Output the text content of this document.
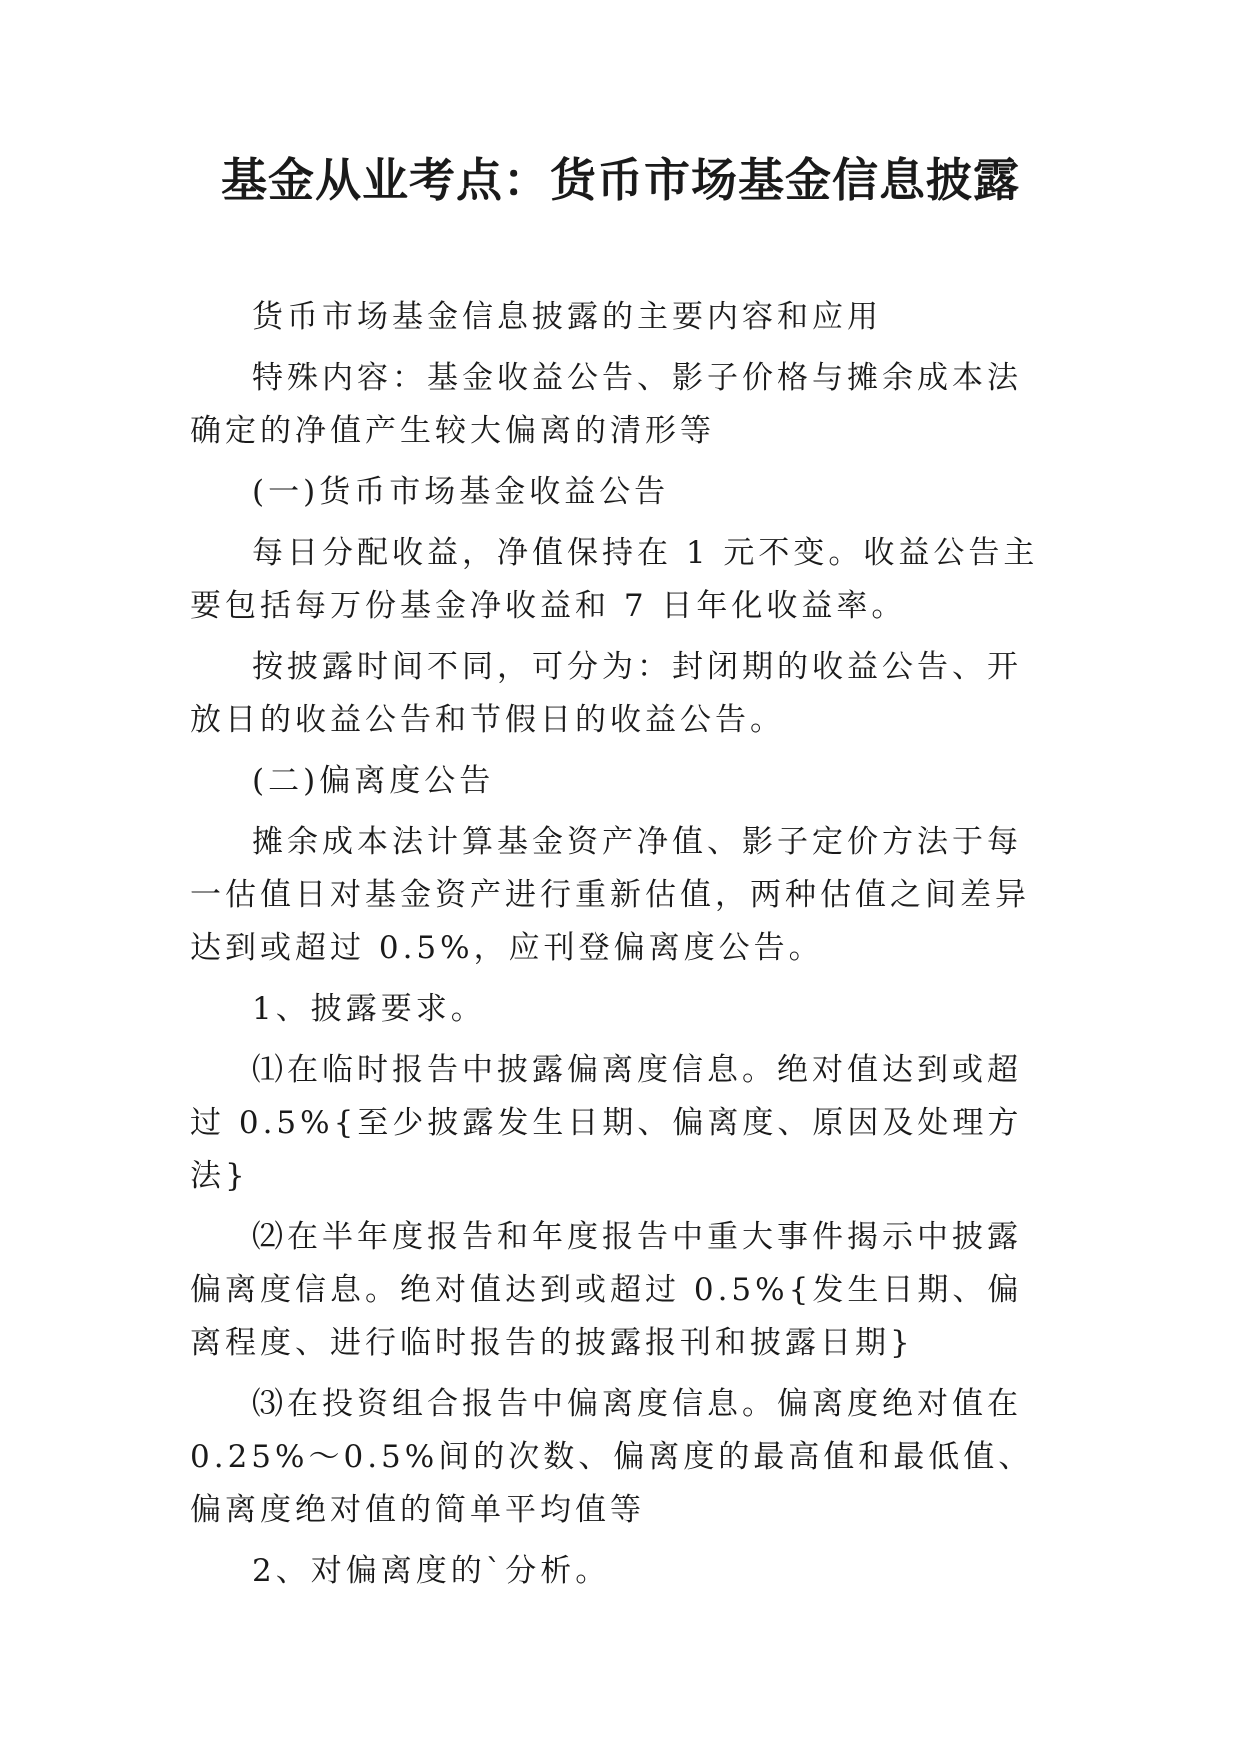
基金从业考点：货币市场基金信息披露

货币市场基金信息披露的主要内容和应用

特殊内容：基金收益公告、影子价格与摊余成本法确定的净值产生较大偏离的清形等

(一)货币市场基金收益公告

每日分配收益，净值保持在 1 元不变。收益公告主要包括每万份基金净收益和 7 日年化收益率。

按披露时间不同，可分为：封闭期的收益公告、开放日的收益公告和节假日的收益公告。

(二)偏离度公告

摊余成本法计算基金资产净值、影子定价方法于每一估值日对基金资产进行重新估值，两种估值之间差异达到或超过 0.5%，应刊登偏离度公告。

1、披露要求。

⑴在临时报告中披露偏离度信息。绝对值达到或超过 0.5%{至少披露发生日期、偏离度、原因及处理方法}

⑵在半年度报告和年度报告中重大事件揭示中披露偏离度信息。绝对值达到或超过 0.5%{发生日期、偏离程度、进行临时报告的披露报刊和披露日期}

⑶在投资组合报告中偏离度信息。偏离度绝对值在 0.25%～0.5%间的次数、偏离度的最高值和最低值、偏离度绝对值的简单平均值等

2、对偏离度的`分析。
